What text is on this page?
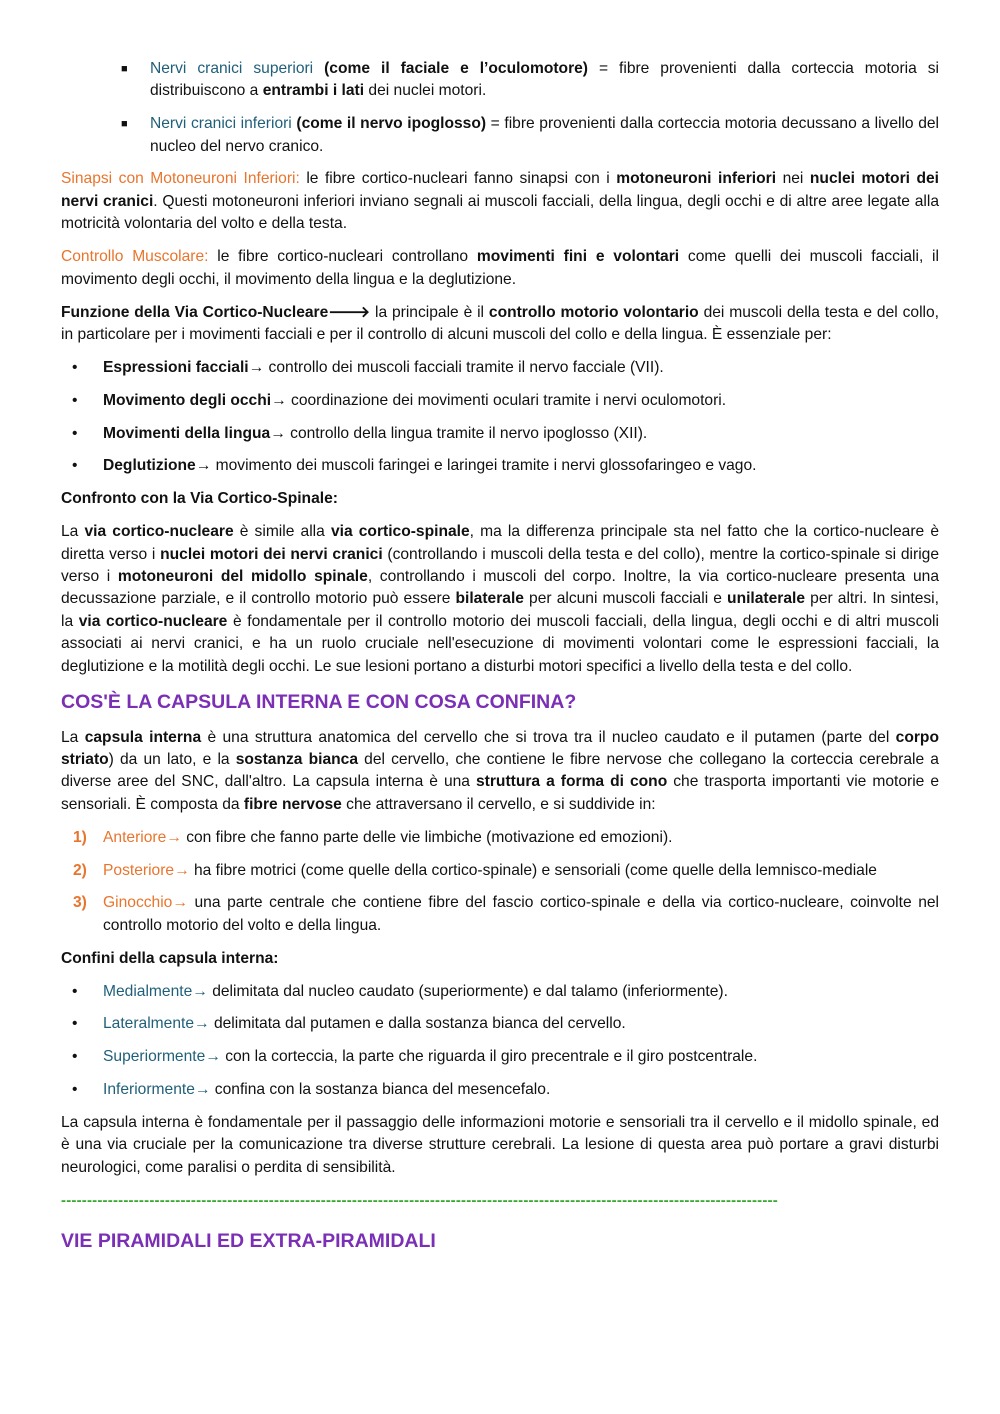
■ Nervi cranici superiori (come il faciale e l’oculomotore) = fibre provenienti dalla corteccia motoria si distribuiscono a entrambi i lati dei nuclei motori.

■ Nervi cranici inferiori (come il nervo ipoglosso) = fibre provenienti dalla corteccia motoria decussano a livello del nucleo del nervo cranico.

Sinapsi con Motoneuroni Inferiori: le fibre cortico-nucleari fanno sinapsi con i motoneuroni inferiori nei nuclei motori dei nervi cranici. Questi motoneuroni inferiori inviano segnali ai muscoli facciali, della lingua, degli occhi e di altre aree legate alla motricità volontaria del volto e della testa.

Controllo Muscolare: le fibre cortico-nucleari controllano movimenti fini e volontari come quelli dei muscoli facciali, il movimento degli occhi, il movimento della lingua e la deglutizione.

Funzione della Via Cortico-Nucleare🡒 la principale è il controllo motorio volontario dei muscoli della testa e del collo, in particolare per i movimenti facciali e per il controllo di alcuni muscoli del collo e della lingua. È essenziale per:

• Espressioni facciali→ controllo dei muscoli facciali tramite il nervo facciale (VII).
• Movimento degli occhi→ coordinazione dei movimenti oculari tramite i nervi oculomotori.
• Movimenti della lingua→ controllo della lingua tramite il nervo ipoglosso (XII).
• Deglutizione→ movimento dei muscoli faringei e laringei tramite i nervi glossofaringeo e vago.

Confronto con la Via Cortico-Spinale:

La via cortico-nucleare è simile alla via cortico-spinale, ma la differenza principale sta nel fatto che la cortico-nucleare è diretta verso i nuclei motori dei nervi cranici (controllando i muscoli della testa e del collo), mentre la cortico-spinale si dirige verso i motoneuroni del midollo spinale, controllando i muscoli del corpo. Inoltre, la via cortico-nucleare presenta una decussazione parziale, e il controllo motorio può essere bilaterale per alcuni muscoli facciali e unilaterale per altri. In sintesi, la via cortico-nucleare è fondamentale per il controllo motorio dei muscoli facciali, della lingua, degli occhi e di altri muscoli associati ai nervi cranici, e ha un ruolo cruciale nell'esecuzione di movimenti volontari come le espressioni facciali, la deglutizione e la motilità degli occhi. Le sue lesioni portano a disturbi motori specifici a livello della testa e del collo.

COS'È LA CAPSULA INTERNA E CON COSA CONFINA?

La capsula interna è una struttura anatomica del cervello che si trova tra il nucleo caudato e il putamen (parte del corpo striato) da un lato, e la sostanza bianca del cervello, che contiene le fibre nervose che collegano la corteccia cerebrale a diverse aree del SNC, dall'altro. La capsula interna è una struttura a forma di cono che trasporta importanti vie motorie e sensoriali. È composta da fibre nervose che attraversano il cervello, e si suddivide in:

1) Anteriore→ con fibre che fanno parte delle vie limbiche (motivazione ed emozioni).
2) Posteriore→ ha fibre motrici (come quelle della cortico-spinale) e sensoriali (come quelle della lemnisco-mediale
3) Ginocchio→ una parte centrale che contiene fibre del fascio cortico-spinale e della via cortico-nucleare, coinvolte nel controllo motorio del volto e della lingua.

Confini della capsula interna:

• Medialmente→ delimitata dal nucleo caudato (superiormente) e dal talamo (inferiormente).
• Lateralmente→ delimitata dal putamen e dalla sostanza bianca del cervello.
• Superiormente→ con la corteccia, la parte che riguarda il giro precentrale e il giro postcentrale.
• Inferiormente→ confina con la sostanza bianca del mesencefalo.

La capsula interna è fondamentale per il passaggio delle informazioni motorie e sensoriali tra il cervello e il midollo spinale, ed è una via cruciale per la comunicazione tra diverse strutture cerebrali. La lesione di questa area può portare a gravi disturbi neurologici, come paralisi o perdita di sensibilità.

------------------------------------------------------------------------------------------------------------------------------------------
VIE PIRAMIDALI ED EXTRA-PIRAMIDALI
